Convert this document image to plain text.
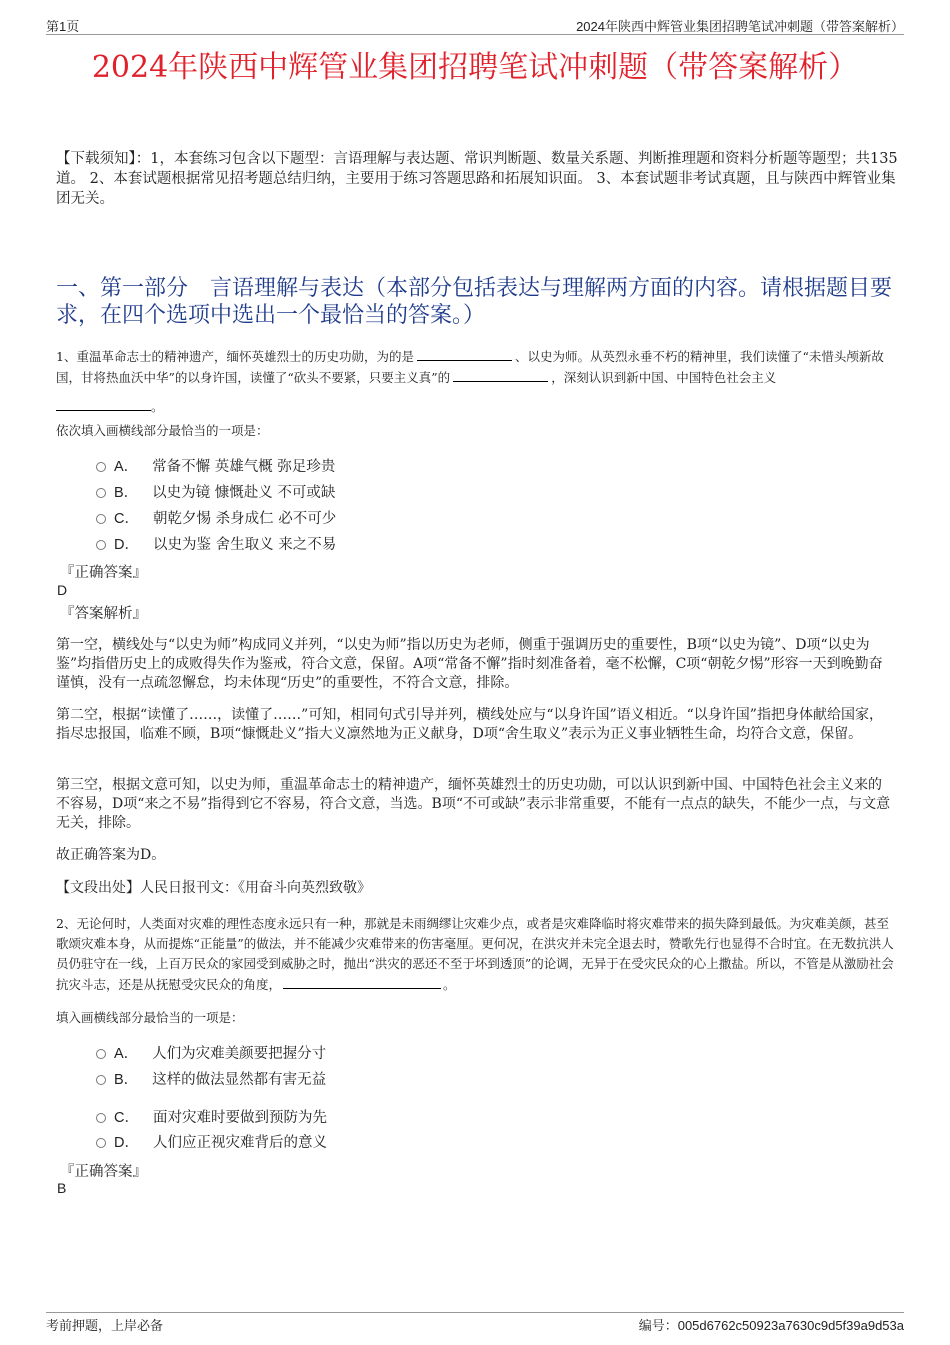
第1页	2024年陕西中辉管业集团招聘笔试冲刺题（带答案解析）
2024年陕西中辉管业集团招聘笔试冲刺题（带答案解析）
【下载须知】：1，本套练习包含以下题型：言语理解与表达题、常识判断题、数量关系题、判断推理题和资料分析题等题型；共135道。 2、本套试题根据常见招考题总结归纳，主要用于练习答题思路和拓展知识面。 3、本套试题非考试真题，且与陕西中辉管业集团无关。
一、第一部分　言语理解与表达（本部分包括表达与理解两方面的内容。请根据题目要求，在四个选项中选出一个最恰当的答案。）
1、重温革命志士的精神遗产，缅怀英雄烈士的历史功勋，为的是	、以史为师。从英烈永垂不朽的精神里，我们读懂了“未惜头颅新故国，甘将热血沃中华”的以身许国，读懂了“砍头不要紧，只要主义真”的	，深刻认识到新中国、中国特色社会主义
。
依次填入画横线部分最恰当的一项是：
A． 常备不懈 英雄气概 弥足珍贵
B． 以史为镜 慷慨赴义 不可或缺
C． 朝乾夕惕 杀身成仁 必不可少
D． 以史为鉴 舍生取义 来之不易
『正确答案』
D
『答案解析』
第一空，横线处与“以史为师”构成同义并列，“以史为师”指以历史为老师，侧重于强调历史的重要性，B项“以史为镜”、D项“以史为鉴”均指借历史上的成败得失作为鉴戒，符合文意，保留。A项“常备不懈”指时刻准备着，毫不松懈，C项“朝乾夕惕”形容一天到晚勤奋谨慎，没有一点疏忽懈怠，均未体现“历史”的重要性，不符合文意，排除。
第二空，根据“读懂了……，读懂了……”可知，相同句式引导并列，横线处应与“以身许国”语义相近。“以身许国”指把身体献给国家，指尽忠报国，临难不顾，B项“慷慨赴义”指大义凛然地为正义献身，D项“舍生取义”表示为正义事业牺牲生命，均符合文意，保留。
第三空，根据文意可知，以史为师，重温革命志士的精神遗产，缅怀英雄烈士的历史功勋，可以认识到新中国、中国特色社会主义来的不容易，D项“来之不易”指得到它不容易，符合文意，当选。B项“不可或缺”表示非常重要，不能有一点点的缺失，不能少一点，与文意无关，排除。
故正确答案为D。
【文段出处】人民日报刊文：《用奋斗向英烈致敬》
2、无论何时，人类面对灾难的理性态度永远只有一种，那就是未雨绸缪让灾难少点，或者是灾难降临时将灾难带来的损失降到最低。为灾难美颜，甚至歌颂灾难本身，从而提炼“正能量”的做法，并不能减少灾难带来的伤害毫厘。更何况，在洪灾并未完全退去时，赞歌先行也显得不合时宜。在无数抗洪人员仍驻守在一线，上百万民众的家园受到威胁之时，抛出“洪灾的恶还不至于坏到透顶”的论调，无异于在受灾民众的心上撒盐。所以，不管是从激励社会抗灾斗志，还是从抚慰受灾民众的角度，	。
填入画横线部分最恰当的一项是：
A． 人们为灾难美颜要把握分寸
B． 这样的做法显然都有害无益
C． 面对灾难时要做到预防为先
D． 人们应正视灾难背后的意义
『正确答案』
B
考前押题，上岸必备	编号：005d6762c50923a7630c9d5f39a9d53a
